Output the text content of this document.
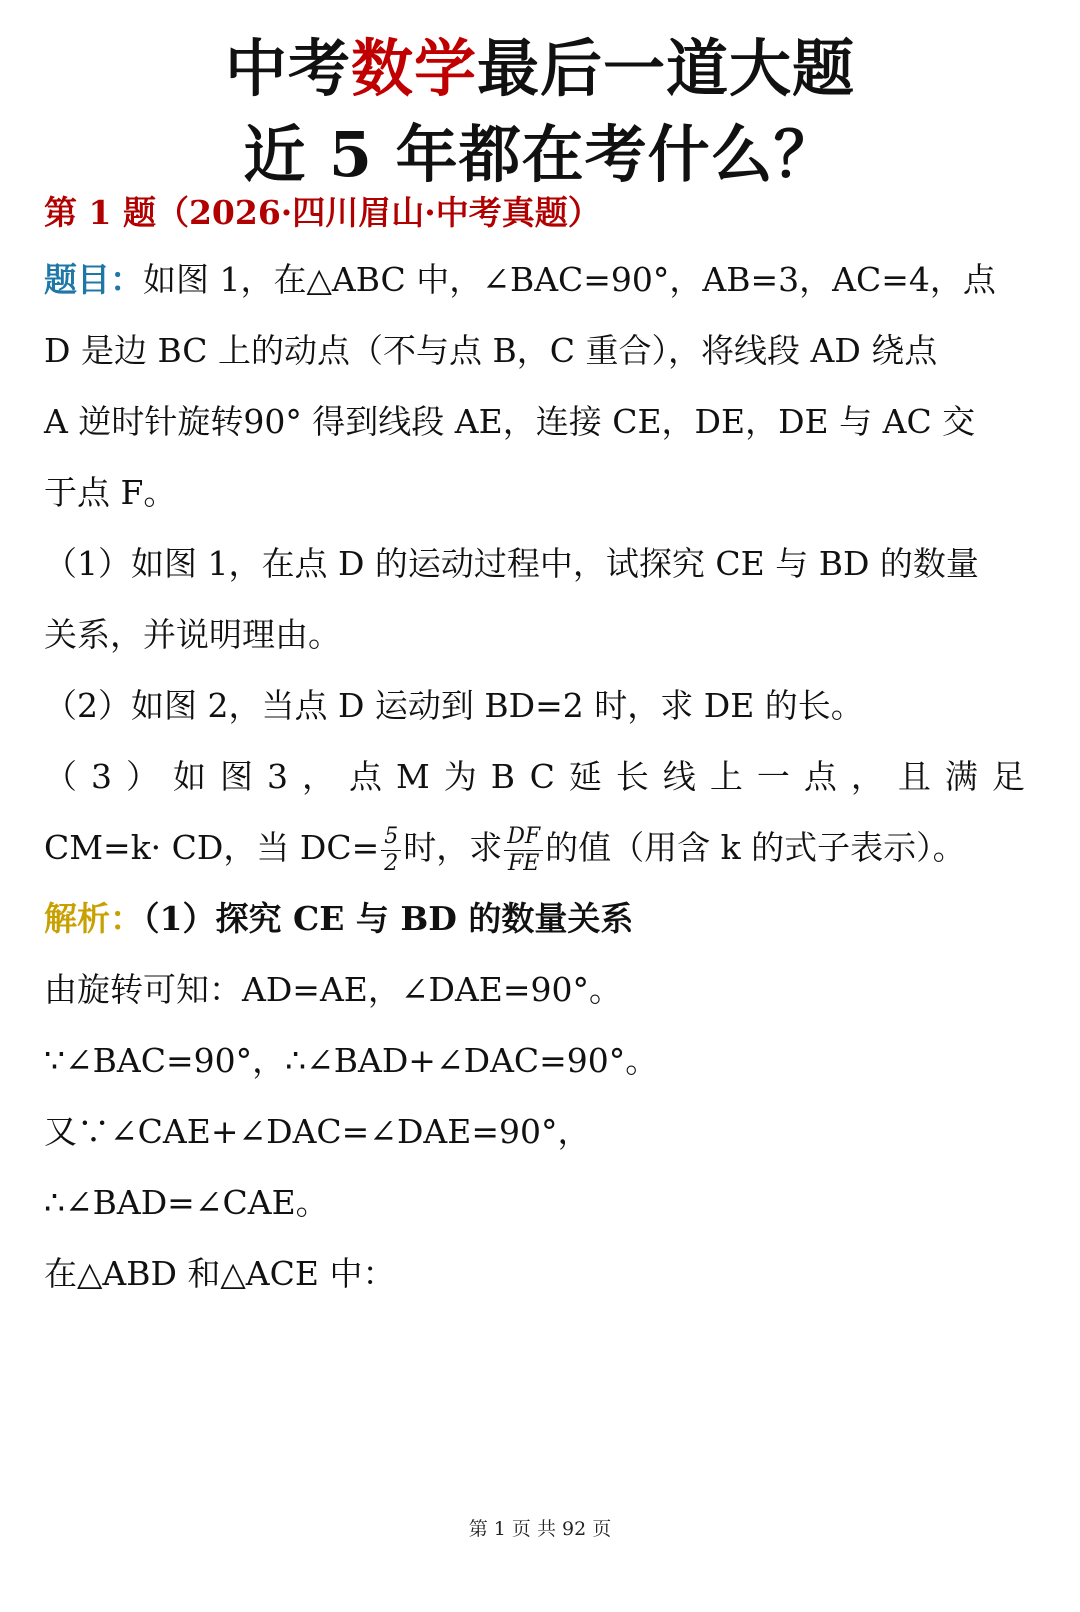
中考数学最后一道大题
近 5 年都在考什么？
第 1 题（2026·四川眉山·中考真题）
题目：如图 1，在△ABC 中，∠BAC=90°，AB=3，AC=4，点
D 是边 BC 上的动点（不与点 B，C 重合），将线段 AD 绕点
A 逆时针旋转90° 得到线段 AE，连接 CE，DE，DE 与 AC 交
于点 F。
（1）如图 1，在点 D 的运动过程中，试探究 CE 与 BD 的数量
关系，并说明理由。
（2）如图 2，当点 D 运动到 BD=2 时，求 DE 的长。
（3）如图3，点M为BC延长线上一点，且满足
CM=k· CD，当 $DC= \frac{5}{2}$ 时，求 $\frac{DF}{FE}$ 的值（用含 k 的式子表示）。
解析：（1）探究 CE 与 BD 的数量关系
由旋转可知：AD=AE，∠DAE=90°。
∵∠BAC=90°，∴∠BAD+∠DAC=90°。
又∵∠CAE+∠DAC=∠DAE=90°，
∴∠BAD=∠CAE。
在△ABD 和△ACE 中：
第 1 页 共 92 页
